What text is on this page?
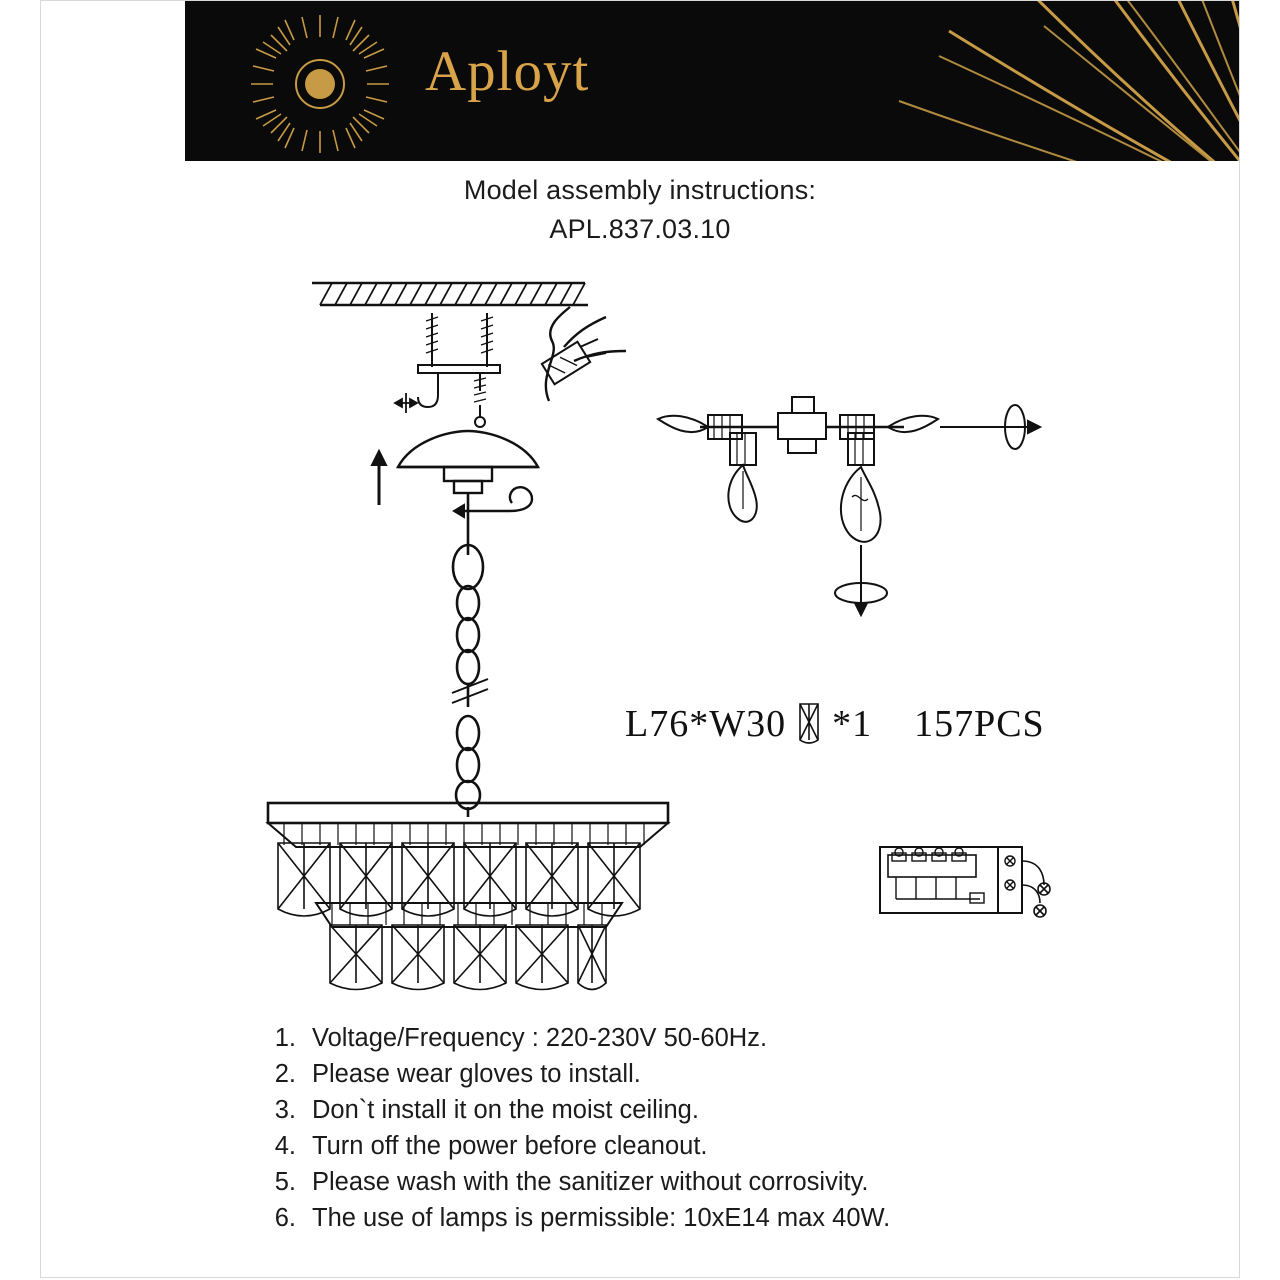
Aployt
Model assembly instructions:
APL.837.03.10
L76*W30 *1 157PCS
1. Voltage/Frequency : 220-230V 50-60Hz.
2. Please wear gloves to install.
3. Don`t install it on the moist ceiling.
4. Turn off the power before cleanout.
5. Please wash with the sanitizer without corrosivity.
6. The use of lamps is permissible: 10xE14 max 40W.
